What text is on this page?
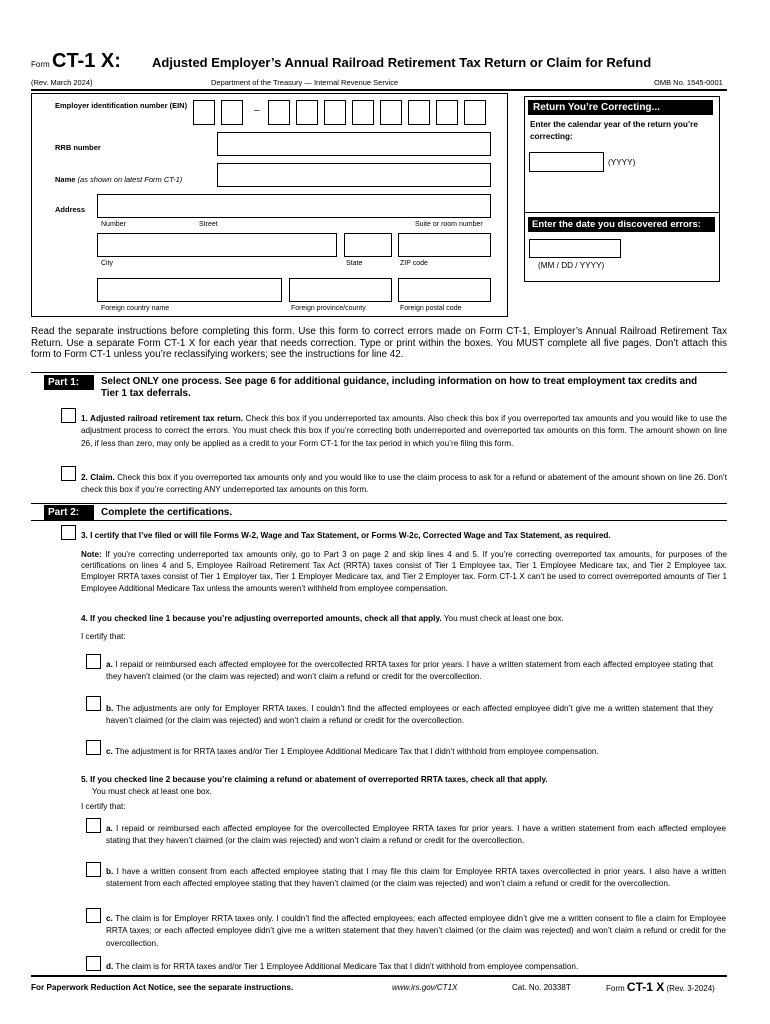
Form CT-1 X: Adjusted Employer’s Annual Railroad Retirement Tax Return or Claim for Refund
(Rev. March 2024)	Department of the Treasury — Internal Revenue Service	OMB No. 1545-0001
Employer identification number (EIN)	–
RRB number
Name (as shown on latest Form CT-1)
Address
Number	Street	Suite or room number
City	State	ZIP code
Foreign country name	Foreign province/county	Foreign postal code
Return You’re Correcting...
Enter the calendar year of the return you’re correcting:
(YYYY)
Enter the date you discovered errors:
(MM / DD / YYYY)
Read the separate instructions before completing this form. Use this form to correct errors made on Form CT-1, Employer’s Annual Railroad Retirement Tax Return. Use a separate Form CT-1 X for each year that needs correction. Type or print within the boxes. You MUST complete all five pages. Don’t attach this form to Form CT-1 unless you’re reclassifying workers; see the instructions for line 42.
Part 1:	Select ONLY one process. See page 6 for additional guidance, including information on how to treat employment tax credits and Tier 1 tax deferrals.
1. Adjusted railroad retirement tax return. Check this box if you underreported tax amounts. Also check this box if you overreported tax amounts and you would like to use the adjustment process to correct the errors. You must check this box if you’re correcting both underreported and overreported tax amounts on this form. The amount shown on line 26, if less than zero, may only be applied as a credit to your Form CT-1 for the tax period in which you’re filing this form.
2. Claim. Check this box if you overreported tax amounts only and you would like to use the claim process to ask for a refund or abatement of the amount shown on line 26. Don’t check this box if you’re correcting ANY underreported tax amounts on this form.
Part 2:	Complete the certifications.
3. I certify that I’ve filed or will file Forms W-2, Wage and Tax Statement, or Forms W-2c, Corrected Wage and Tax Statement, as required.
Note: If you’re correcting underreported tax amounts only, go to Part 3 on page 2 and skip lines 4 and 5. If you’re correcting overreported tax amounts, for purposes of the certifications on lines 4 and 5, Employee Railroad Retirement Tax Act (RRTA) taxes consist of Tier 1 Employee tax, Tier 1 Employee Medicare tax, and Tier 2 Employee tax. Employer RRTA taxes consist of Tier 1 Employer tax, Tier 1 Employer Medicare tax, and Tier 2 Employer tax. Form CT-1 X can’t be used to correct overreported amounts of Tier 1 Employee Additional Medicare Tax unless the amounts weren’t withheld from employee compensation.
4. If you checked line 1 because you’re adjusting overreported amounts, check all that apply. You must check at least one box.
I certify that:
a. I repaid or reimbursed each affected employee for the overcollected RRTA taxes for prior years. I have a written statement from each affected employee stating that they haven’t claimed (or the claim was rejected) and won’t claim a refund or credit for the overcollection.
b. The adjustments are only for Employer RRTA taxes. I couldn’t find the affected employees or each affected employee didn’t give me a written statement that they haven’t claimed (or the claim was rejected) and won’t claim a refund or credit for the overcollection.
c. The adjustment is for RRTA taxes and/or Tier 1 Employee Additional Medicare Tax that I didn’t withhold from employee compensation.
5. If you checked line 2 because you’re claiming a refund or abatement of overreported RRTA taxes, check all that apply.
You must check at least one box.
I certify that:
a. I repaid or reimbursed each affected employee for the overcollected Employee RRTA taxes for prior years. I have a written statement from each affected employee stating that they haven’t claimed (or the claim was rejected) and won’t claim a refund or credit for the overcollection.
b. I have a written consent from each affected employee stating that I may file this claim for Employee RRTA taxes overcollected in prior years. I also have a written statement from each affected employee stating that they haven’t claimed (or the claim was rejected) and won’t claim a refund or credit for the overcollection.
c. The claim is for Employer RRTA taxes only. I couldn’t find the affected employees; each affected employee didn’t give me a written consent to file a claim for Employee RRTA taxes; or each affected employee didn’t give me a written statement that they haven’t claimed (or the claim was rejected) and won’t claim a refund or credit for the overcollection.
d. The claim is for RRTA taxes and/or Tier 1 Employee Additional Medicare Tax that I didn’t withhold from employee compensation.
For Paperwork Reduction Act Notice, see the separate instructions.	www.irs.gov/CT1X	Cat. No. 20338T	Form CT-1 X (Rev. 3-2024)
